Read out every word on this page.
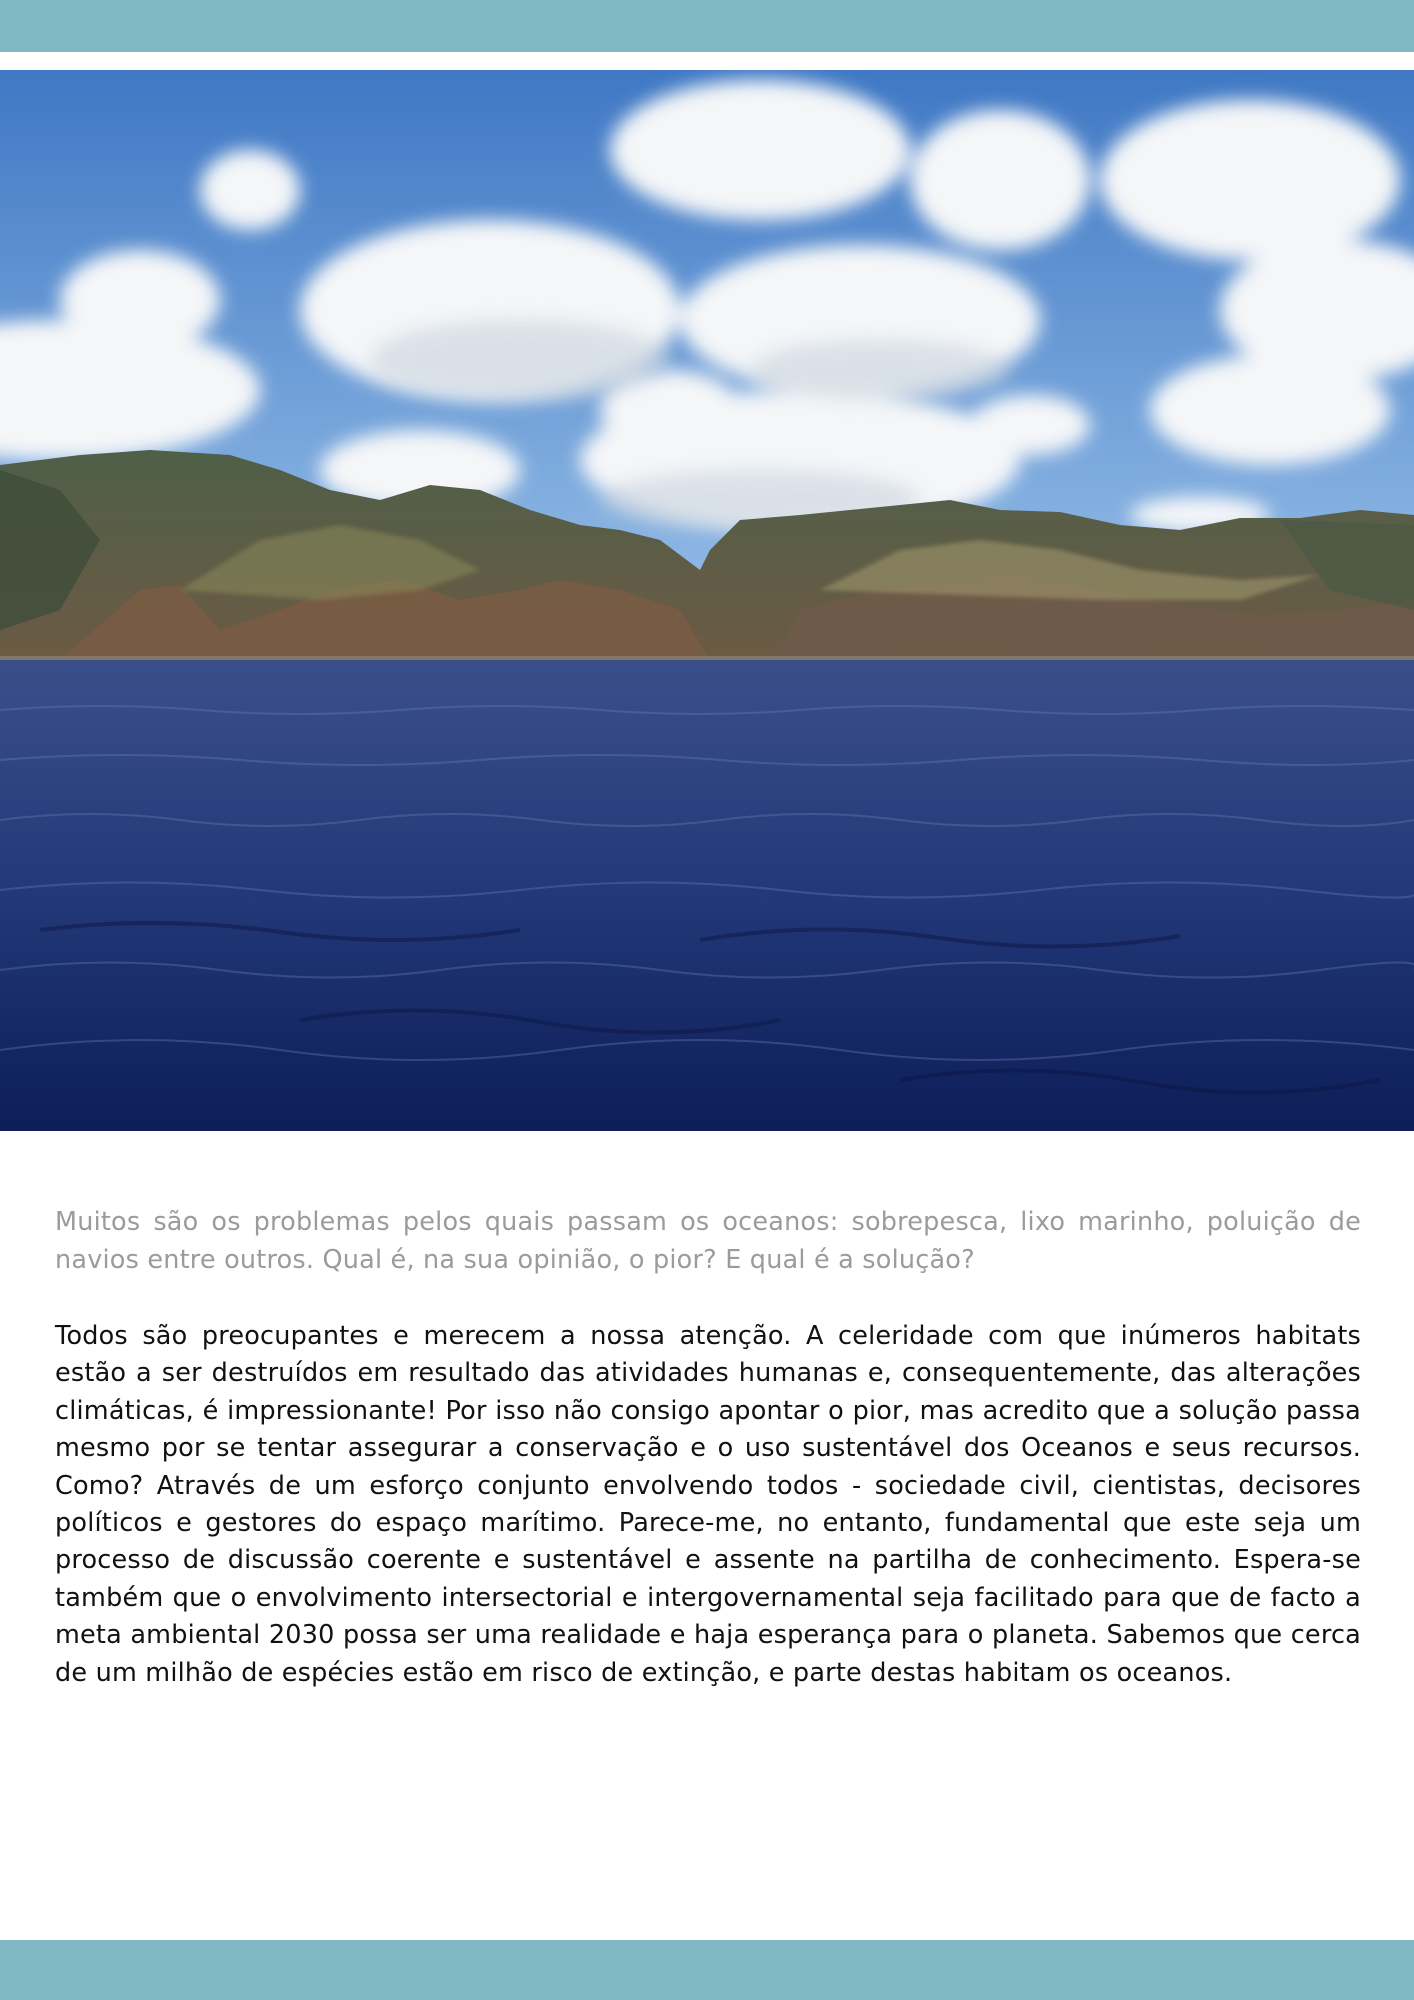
Muitos são os problemas pelos quais passam os oceanos: sobrepesca, lixo marinho, poluição de navios entre outros. Qual é, na sua opinião, o pior? E qual é a solução?

Todos são preocupantes e merecem a nossa atenção. A celeridade com que inúmeros habitats estão a ser destruídos em resultado das atividades humanas e, consequentemente, das alterações climáticas, é impressionante! Por isso não consigo apontar o pior, mas acredito que a solução passa mesmo por se tentar assegurar a conservação e o uso sustentável dos Oceanos e seus recursos. Como? Através de um esforço conjunto envolvendo todos - sociedade civil, cientistas, decisores políticos e gestores do espaço marítimo. Parece-me, no entanto, fundamental que este seja um processo de discussão coerente e sustentável e assente na partilha de conhecimento. Espera-se também que o envolvimento intersectorial e intergovernamental seja facilitado para que de facto a meta ambiental 2030 possa ser uma realidade e haja esperança para o planeta. Sabemos que cerca de um milhão de espécies estão em risco de extinção, e parte destas habitam os oceanos.
